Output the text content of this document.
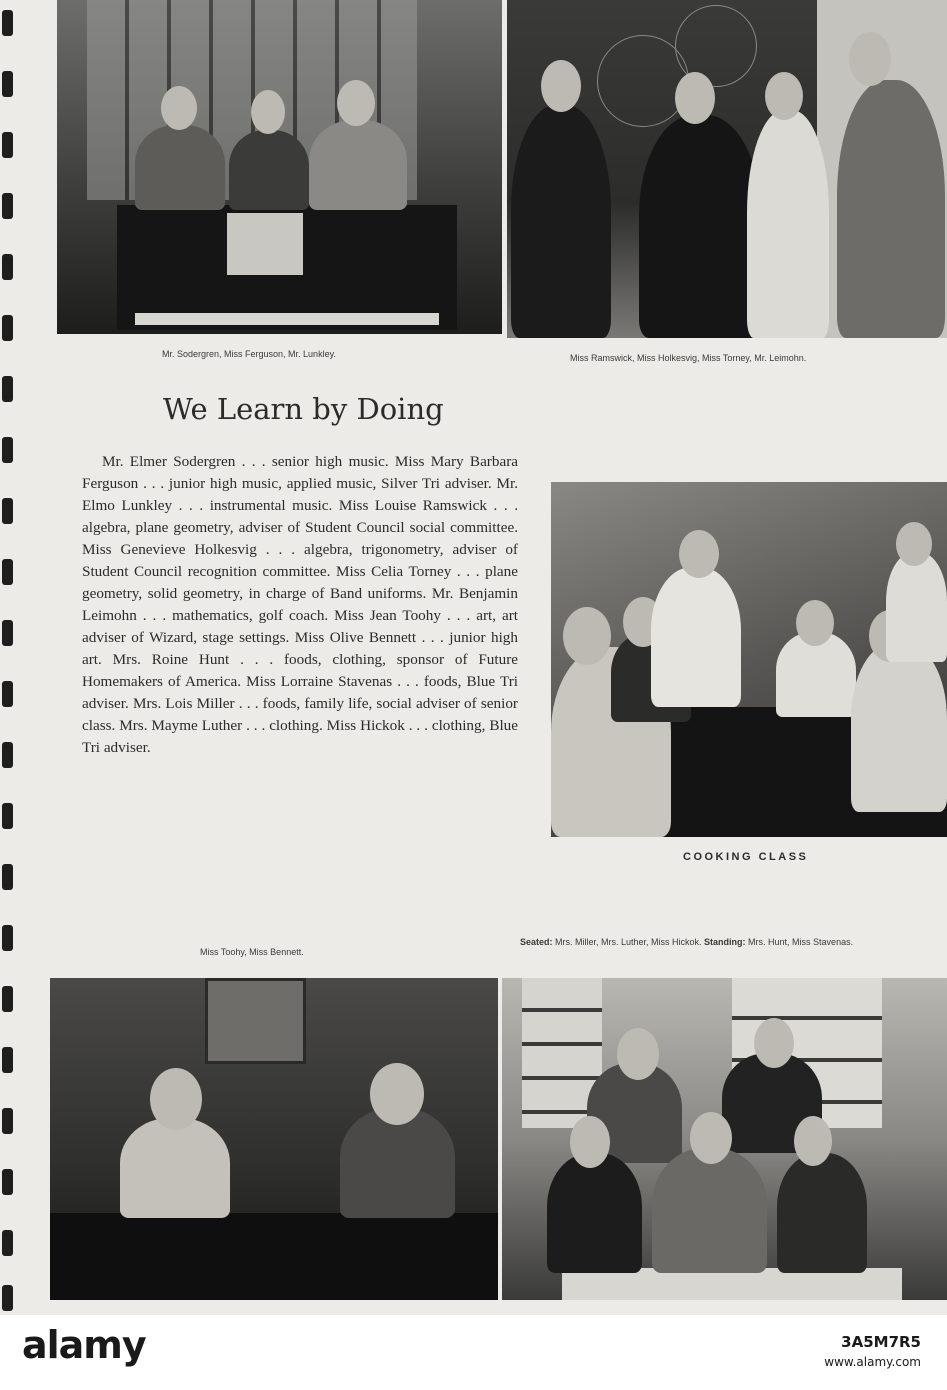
Mr. Sodergren, Miss Ferguson, Mr. Lunkley.	Miss Ramswick, Miss Holkesvig, Miss Torney, Mr. Leimohn.
We Learn by Doing

Mr. Elmer Sodergren . . . senior high music. Miss Mary Barbara Ferguson . . . junior high music, applied music, Silver Tri adviser. Mr. Elmo Lunkley . . . instrumental music. Miss Louise Ramswick . . . algebra, plane geometry, adviser of Student Council social committee. Miss Genevieve Holkesvig . . . algebra, trigonometry, adviser of Student Council recognition committee. Miss Celia Torney . . . plane geometry, solid geometry, in charge of Band uniforms. Mr. Benjamin Leimohn . . . mathematics, golf coach. Miss Jean Toohy . . . art, art adviser of Wizard, stage settings. Miss Olive Bennett . . . junior high art. Mrs. Roine Hunt . . . foods, clothing, sponsor of Future Homemakers of America. Miss Lorraine Stavenas . . . foods, Blue Tri adviser. Mrs. Lois Miller . . . foods, family life, social adviser of senior class. Mrs. Mayme Luther . . . clothing. Miss Hickok . . . clothing, Blue Tri adviser.

COOKING CLASS
Miss Toohy, Miss Bennett.
Seated: Mrs. Miller, Mrs. Luther, Miss Hickok. Standing: Mrs. Hunt, Miss Stavenas.
alamy	3A5M7R5
www.alamy.com
